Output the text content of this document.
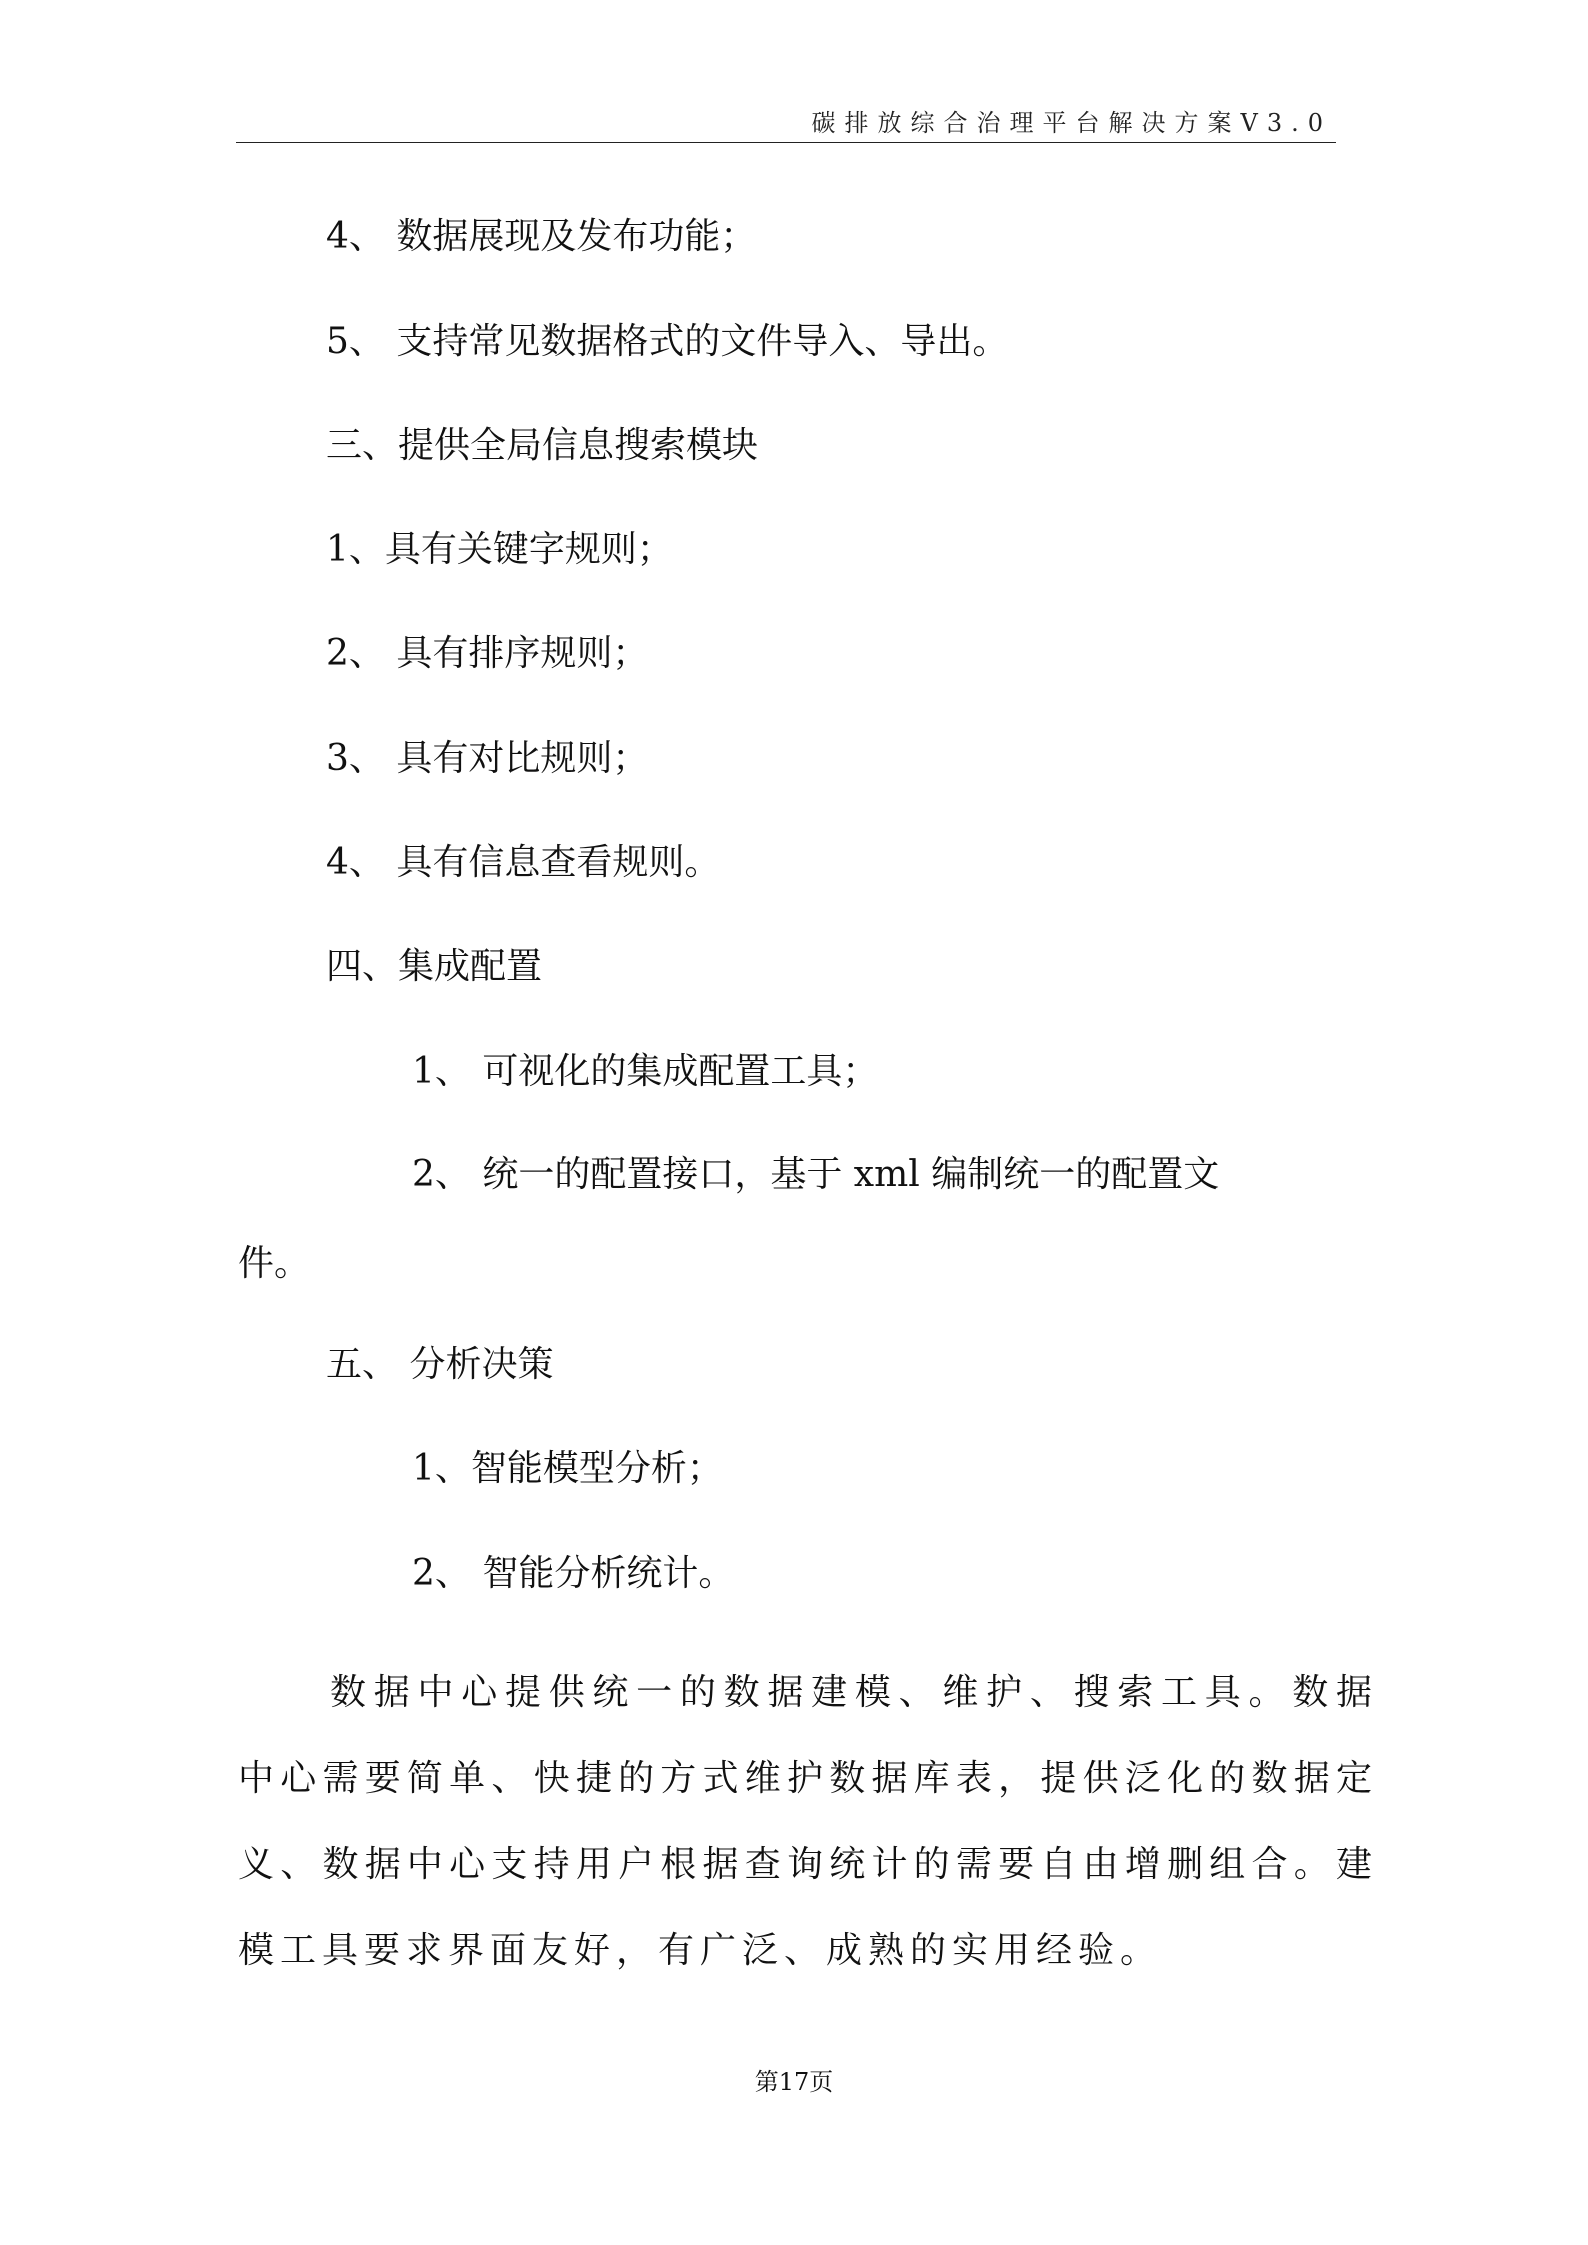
碳排放综合治理平台解决方案V3.0
4、 数据展现及发布功能；
5、 支持常见数据格式的文件导入、导出。
三、提供全局信息搜索模块
1、具有关键字规则；
2、 具有排序规则；
3、 具有对比规则；
4、 具有信息查看规则。
四、集成配置
1、 可视化的集成配置工具；
2、 统一的配置接口，基于 xml 编制统一的配置文
件。
五、 分析决策
1、智能模型分析；
2、 智能分析统计。
数据中心提供统一的数据建模、维护、搜索工具。数据中心需要简单、快捷的方式维护数据库表，提供泛化的数据定义、数据中心支持用户根据查询统计的需要自由增删组合。建模工具要求界面友好，有广泛、成熟的实用经验。
第17页
